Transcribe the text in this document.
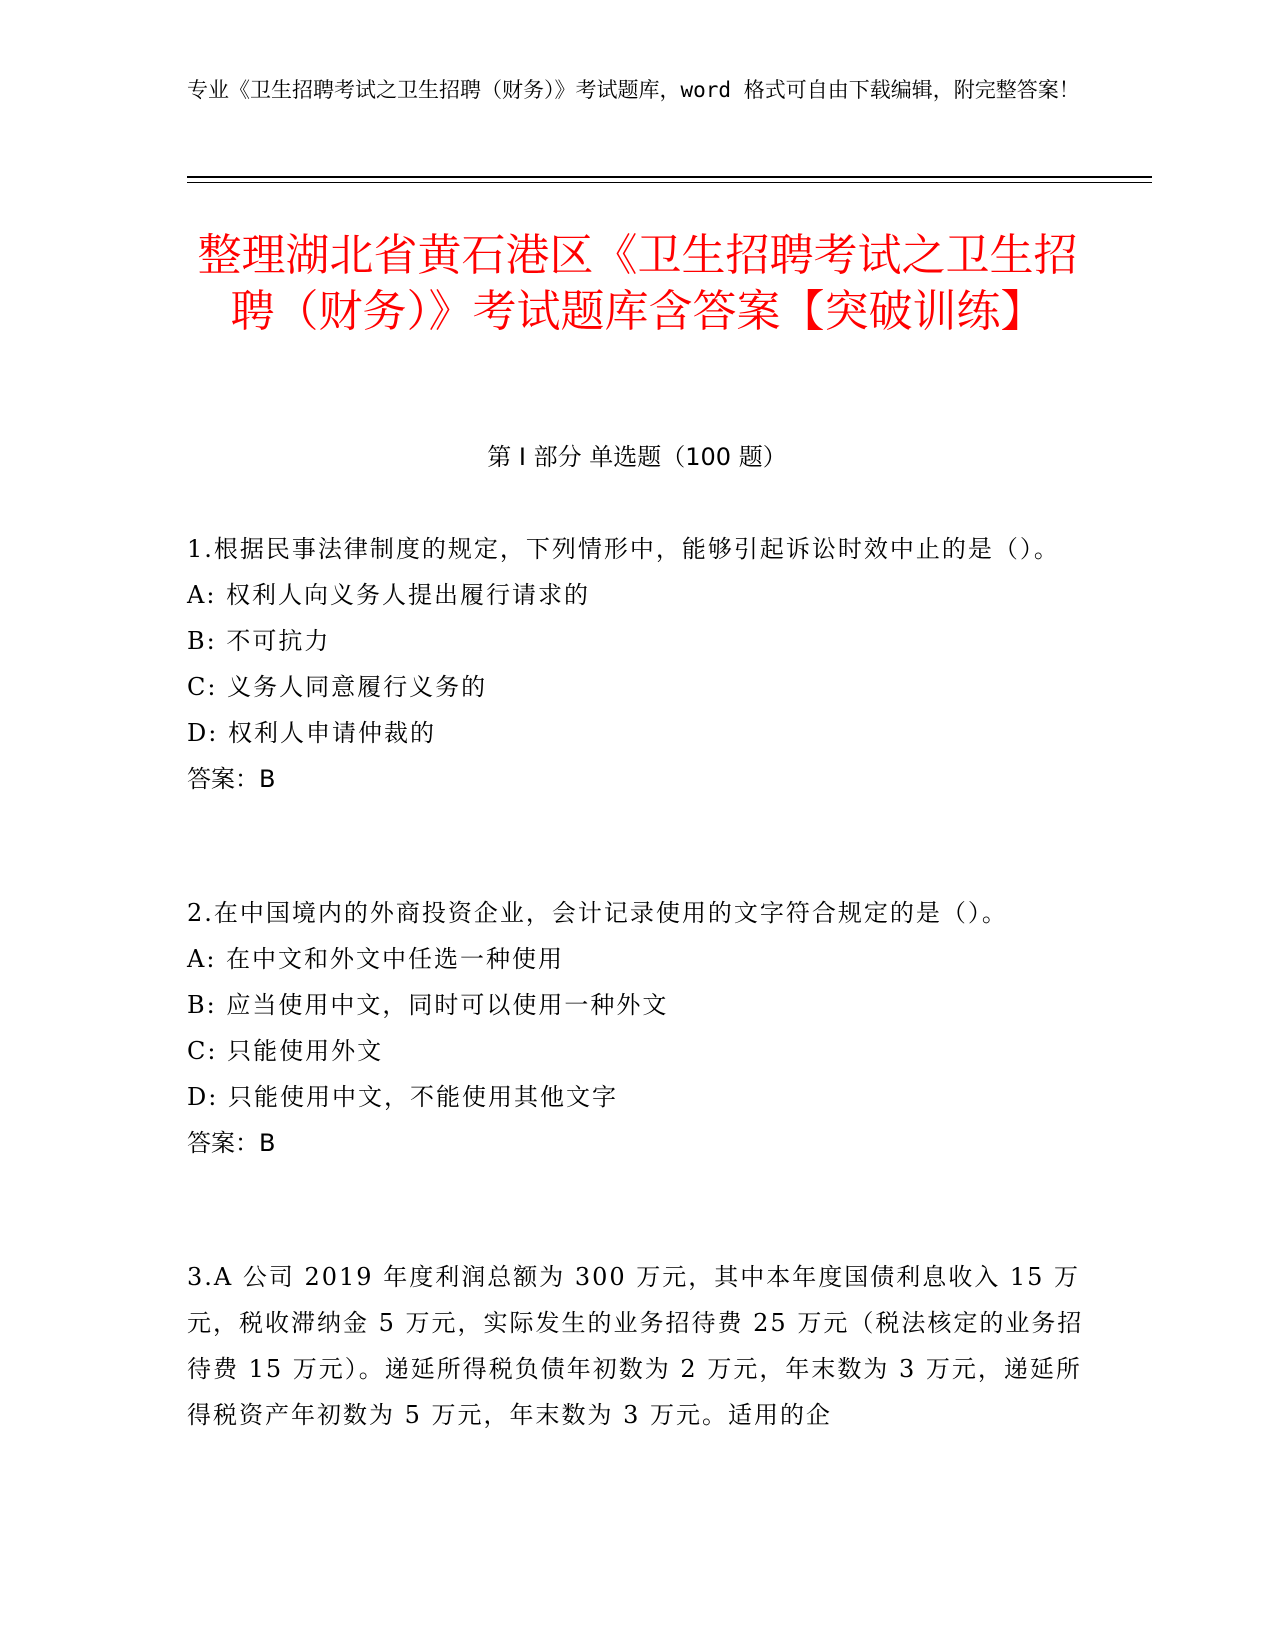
专业《卫生招聘考试之卫生招聘（财务）》考试题库，word 格式可自由下载编辑，附完整答案！
整理湖北省黄石港区《卫生招聘考试之卫生招聘（财务）》考试题库含答案【突破训练】
第 I 部分 单选题（100 题）
1.根据民事法律制度的规定，下列情形中，能够引起诉讼时效中止的是（）。
A: 权利人向义务人提出履行请求的
B: 不可抗力
C: 义务人同意履行义务的
D: 权利人申请仲裁的
答案：B
2.在中国境内的外商投资企业，会计记录使用的文字符合规定的是（）。
A: 在中文和外文中任选一种使用
B: 应当使用中文，同时可以使用一种外文
C: 只能使用外文
D: 只能使用中文，不能使用其他文字
答案：B
3.A 公司 2019 年度利润总额为 300 万元，其中本年度国债利息收入 15 万元，税收滞纳金 5 万元，实际发生的业务招待费 25 万元（税法核定的业务招待费 15 万元）。递延所得税负债年初数为 2 万元，年末数为 3 万元，递延所得税资产年初数为 5 万元，年末数为 3 万元。适用的企
